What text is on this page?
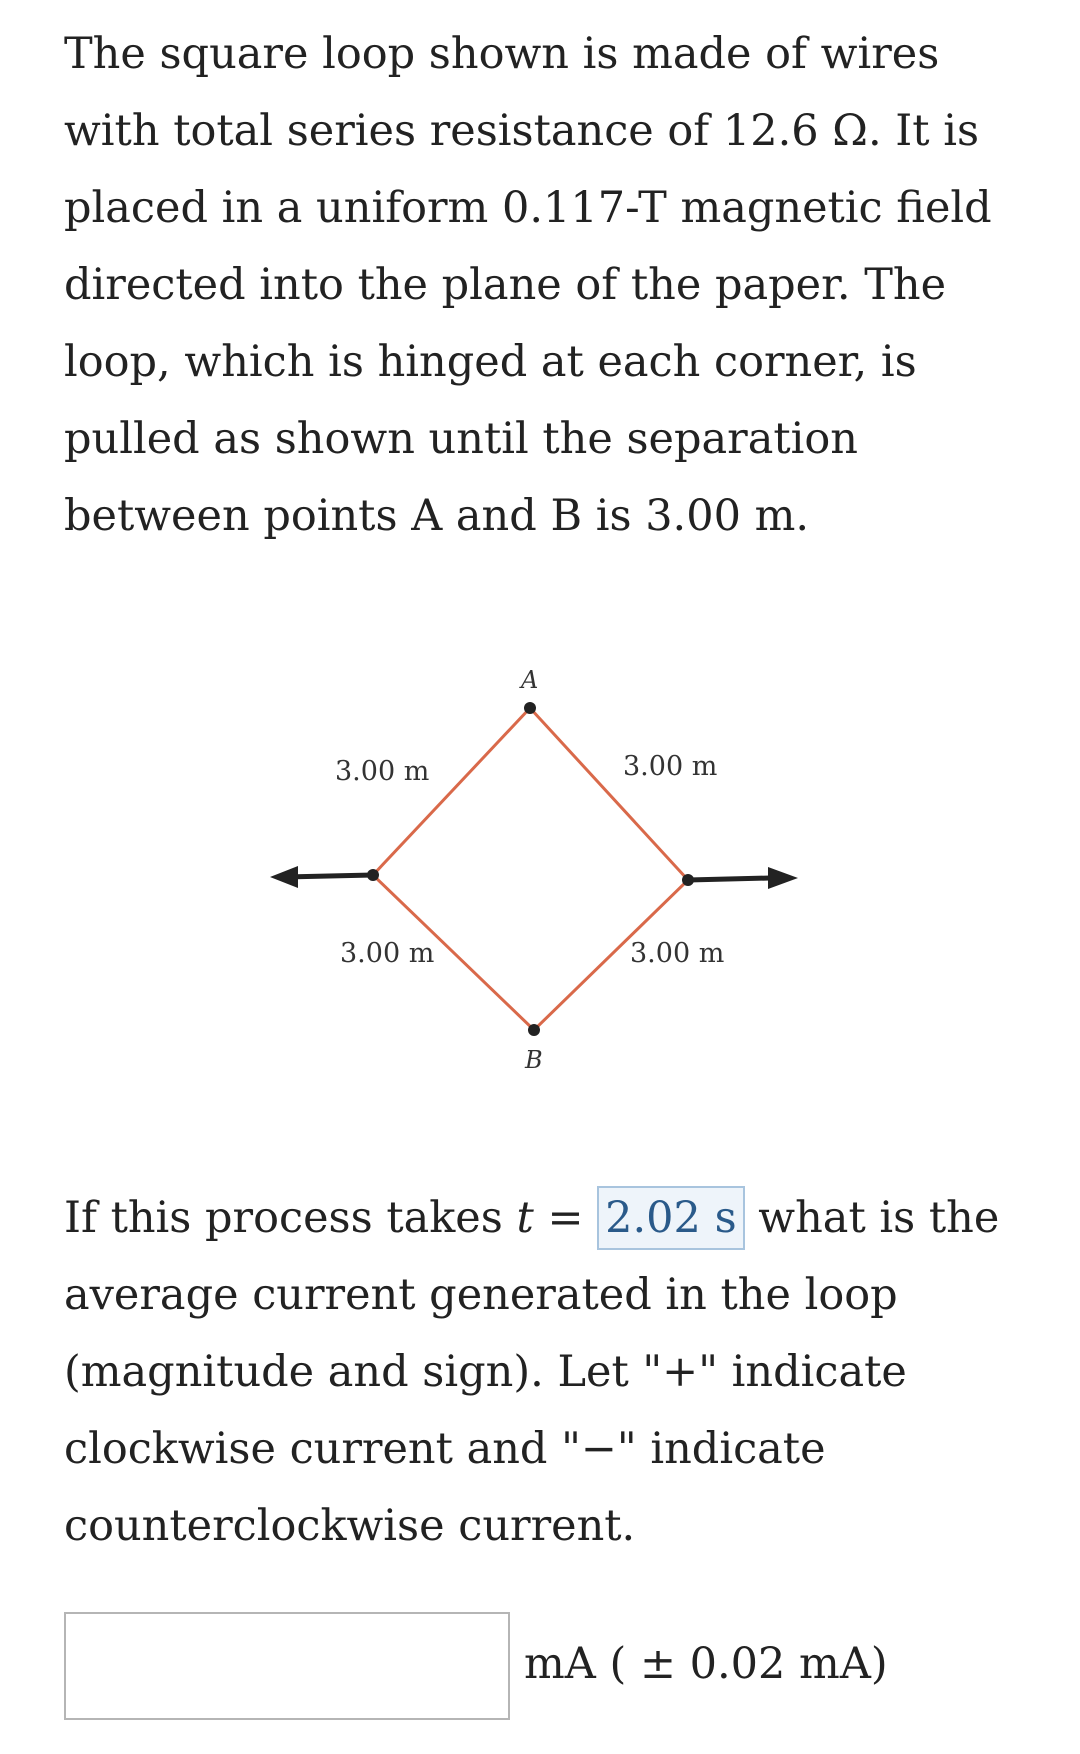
The square loop shown is made of wires with total series resistance of 12.6 Ω. It is placed in a uniform 0.117-T magnetic field directed into the plane of the paper. The loop, which is hinged at each corner, is pulled as shown until the separation between points A and B is 3.00 m.

A
B
3.00 m	3.00 m
3.00 m	3.00 m

If this process takes t = 2.02 s what is the average current generated in the loop (magnitude and sign). Let "+" indicate clockwise current and "−" indicate counterclockwise current.

mA ( ± 0.02 mA)
